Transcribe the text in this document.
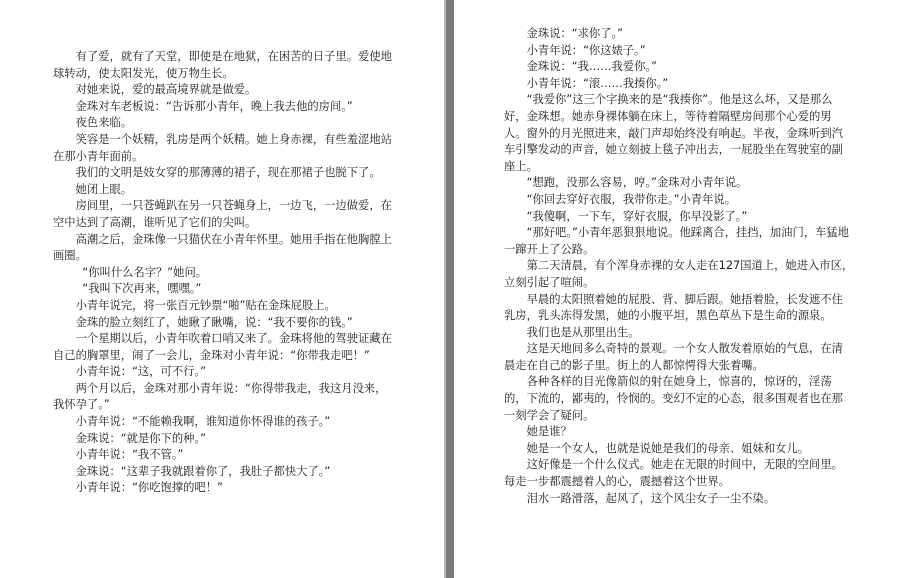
有了爱，就有了天堂，即使是在地狱，在困苦的日子里。爱使地球转动，使太阳发光，使万物生长。

对她来说，爱的最高境界就是做爱。

金珠对车老板说：“告诉那小青年，晚上我去他的房间。”

夜色来临。

笑容是一个妖精，乳房是两个妖精。她上身赤裸，有些羞涩地站在那小青年面前。

我们的文明是妓女穿的那薄薄的裙子，现在那裙子也脱下了。

她闭上眼。

房间里，一只苍蝇趴在另一只苍蝇身上，一边飞，一边做爱，在空中达到了高潮，谁听见了它们的尖叫。

高潮之后，金珠像一只猫伏在小青年怀里。她用手指在他胸膛上画圈。

“你叫什么名字？”她问。

“我叫下次再来，嘿嘿。”

小青年说完，将一张百元钞票“啪”贴在金珠屁股上。

金珠的脸立刻红了，她瞅了瞅嘴，说：“我不要你的钱。”

一个星期以后，小青年吹着口哨又来了。金珠将他的驾驶证藏在自己的胸罩里，闹了一会儿，金珠对小青年说：“你带我走吧！”

小青年说：“这，可不行。”

两个月以后，金珠对那小青年说：“你得带我走，我这月没来，我怀孕了。”

小青年说：“不能赖我啊，谁知道你怀得谁的孩子。”

金珠说：“就是你下的种。”

小青年说：“我不管。”

金珠说：“这辈子我就跟着你了，我肚子都快大了。”

小青年说：“你吃饱撑的吧！”

金珠说：“求你了。”

小青年说：“你这婊子。”

金珠说：“我……我爱你。”

小青年说：“滚……我揍你。”

“我爱你”这三个字换来的是“我揍你”。他是这么坏，又是那么好，金珠想。她赤身裸体躺在床上，等待着隔壁房间那个心爱的男人。窗外的月光照进来，敲门声却始终没有响起。半夜，金珠听到汽车引擎发动的声音，她立刻披上毯子冲出去，一屁股坐在驾驶室的副座上。

“想跑，没那么容易，哼。”金珠对小青年说。

“你回去穿好衣服，我带你走。”小青年说。

“我傻啊，一下车，穿好衣服，你早没影了。”

“那好吧。”小青年恶狠狠地说。他踩离合，挂挡，加油门，车猛地一蹿开上了公路。

第二天清晨，有个浑身赤裸的女人走在127国道上，她进入市区，立刻引起了喧闹。

早晨的太阳照着她的屁股、背、脚后跟。她捂着脸，长发遮不住乳房，乳头冻得发黑，她的小腹平坦，黑色草丛下是生命的源泉。

我们也是从那里出生。

这是天地间多么奇特的景观。一个女人散发着原始的气息，在清晨走在自己的影子里。街上的人都惊愕得大张着嘴。

各种各样的目光像箭似的射在她身上，惊喜的，惊讶的，淫荡的，下流的，鄙夷的，怜悯的。变幻不定的心态，很多围观者也在那一刻学会了疑问。

她是谁？

她是一个女人，也就是说她是我们的母亲、姐妹和女儿。

这好像是一个什么仪式。她走在无限的时间中，无限的空间里。每走一步都震撼着人的心，震撼着这个世界。

泪水一路滑落，起风了，这个风尘女子一尘不染。
